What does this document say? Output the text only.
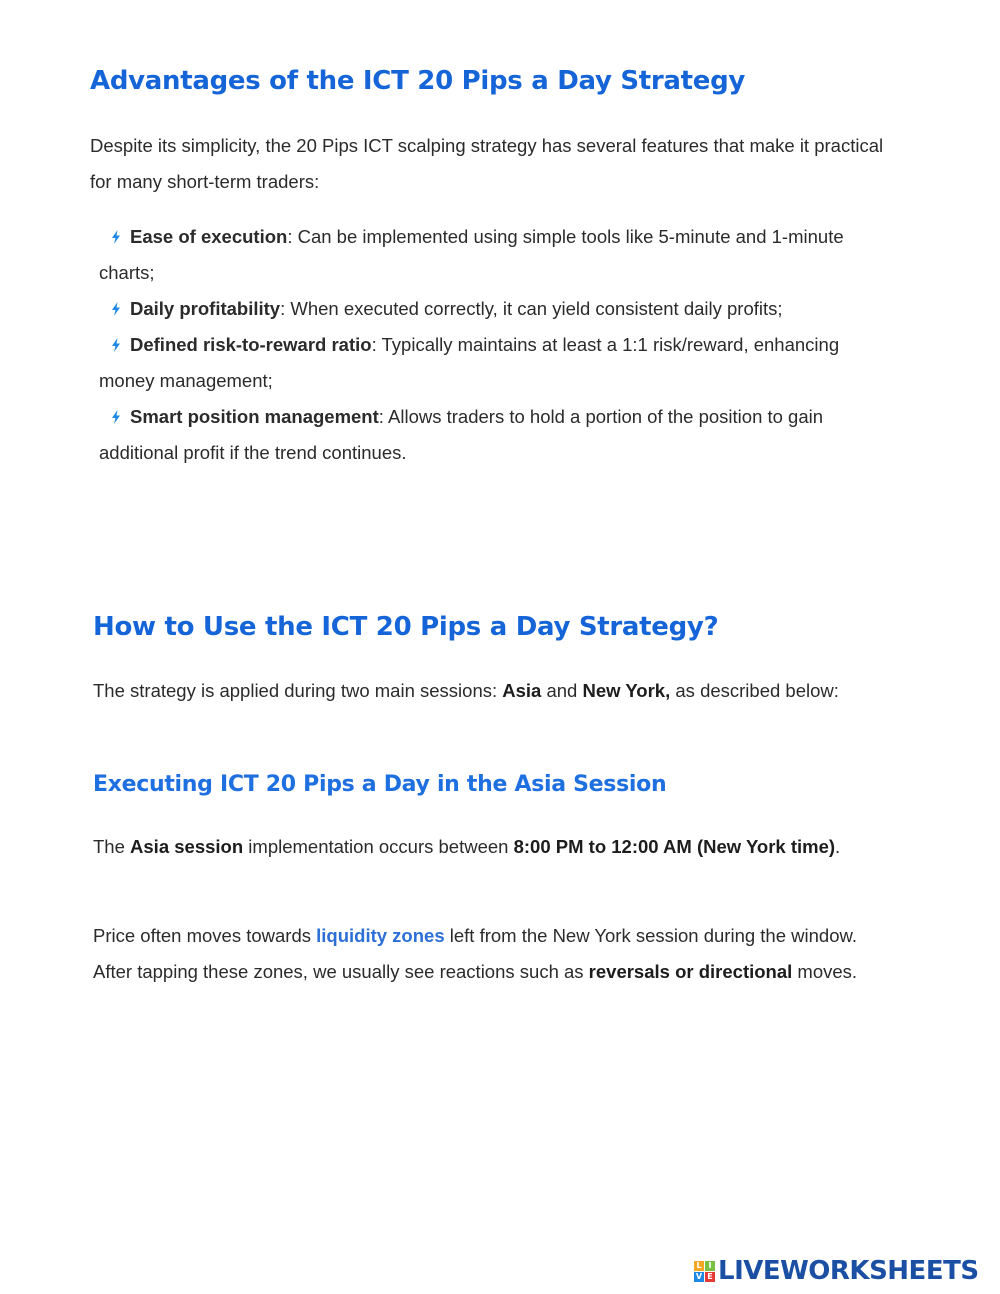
Advantages of the ICT 20 Pips a Day Strategy

Despite its simplicity, the 20 Pips ICT scalping strategy has several features that make it practical for many short-term traders:

Ease of execution: Can be implemented using simple tools like 5-minute and 1-minute charts;
Daily profitability: When executed correctly, it can yield consistent daily profits;
Defined risk-to-reward ratio: Typically maintains at least a 1:1 risk/reward, enhancing money management;
Smart position management: Allows traders to hold a portion of the position to gain additional profit if the trend continues.
How to Use the ICT 20 Pips a Day Strategy?

The strategy is applied during two main sessions: Asia and New York, as described below:

Executing ICT 20 Pips a Day in the Asia Session

The Asia session implementation occurs between 8:00 PM to 12:00 AM (New York time).

Price often moves towards liquidity zones left from the New York session during the window. After tapping these zones, we usually see reactions such as reversals or directional moves.

L I
V E LIVEWORKSHEETS
